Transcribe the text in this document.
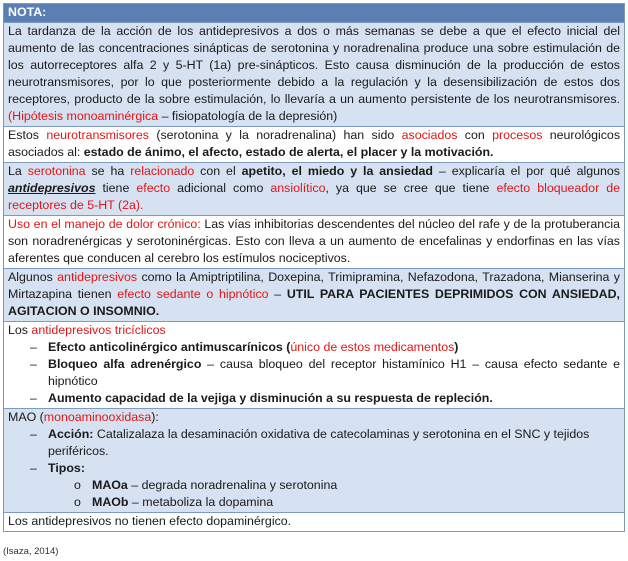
NOTA:
La tardanza de la acción de los antidepresivos a dos o más semanas se debe a que el efecto inicial del aumento de las concentraciones sinápticas de serotonina y noradrenalina produce una sobre estimulación de los autorreceptores alfa 2 y 5-HT (1a) pre-sinápticos. Esto causa disminución de la producción de estos neurotransmisores, por lo que posteriormente debido a la regulación y la desensibilización de estos dos receptores, producto de la sobre estimulación, lo llevaría a un aumento persistente de los neurotransmisores. (Hipótesis monoaminérgica – fisiopatología de la depresión)
Estos neurotransmisores (serotonina y la noradrenalina) han sido asociados con procesos neurológicos asociados al: estado de ánimo, el afecto, estado de alerta, el placer y la motivación.
La serotonina se ha relacionado con el apetito, el miedo y la ansiedad – explicaría el por qué algunos antidepresivos tiene efecto adicional como ansiolítico, ya que se cree que tiene efecto bloqueador de receptores de 5-HT (2a).
Uso en el manejo de dolor crónico: Las vías inhibitorias descendentes del núcleo del rafe y de la protuberancia son noradrenérgicas y serotoninérgicas. Esto con lleva a un aumento de encefalinas y endorfinas en las vías aferentes que conducen al cerebro los estímulos nociceptivos.
Algunos antidepresivos como la Amiptriptilina, Doxepina, Trimipramina, Nefazodona, Trazadona, Mianserina y Mirtazapina tienen efecto sedante o hipnótico – UTIL PARA PACIENTES DEPRIMIDOS CON ANSIEDAD, AGITACION O INSOMNIO.
Los antidepresivos tricíclicos
– Efecto anticolinérgico antimuscarínicos (único de estos medicamentos)
– Bloqueo alfa adrenérgico – causa bloqueo del receptor histamínico H1 – causa efecto sedante e hipnótico
– Aumento capacidad de la vejiga y disminución a su respuesta de repleción.
MAO (monoaminooxidasa):
– Acción: Catalizalaza la desaminación oxidativa de catecolaminas y serotonina en el SNC y tejidos periféricos.
– Tipos:
o MAOa – degrada noradrenalina y serotonina
o MAOb – metaboliza la dopamina
Los antidepresivos no tienen efecto dopaminérgico.
(Isaza, 2014)
